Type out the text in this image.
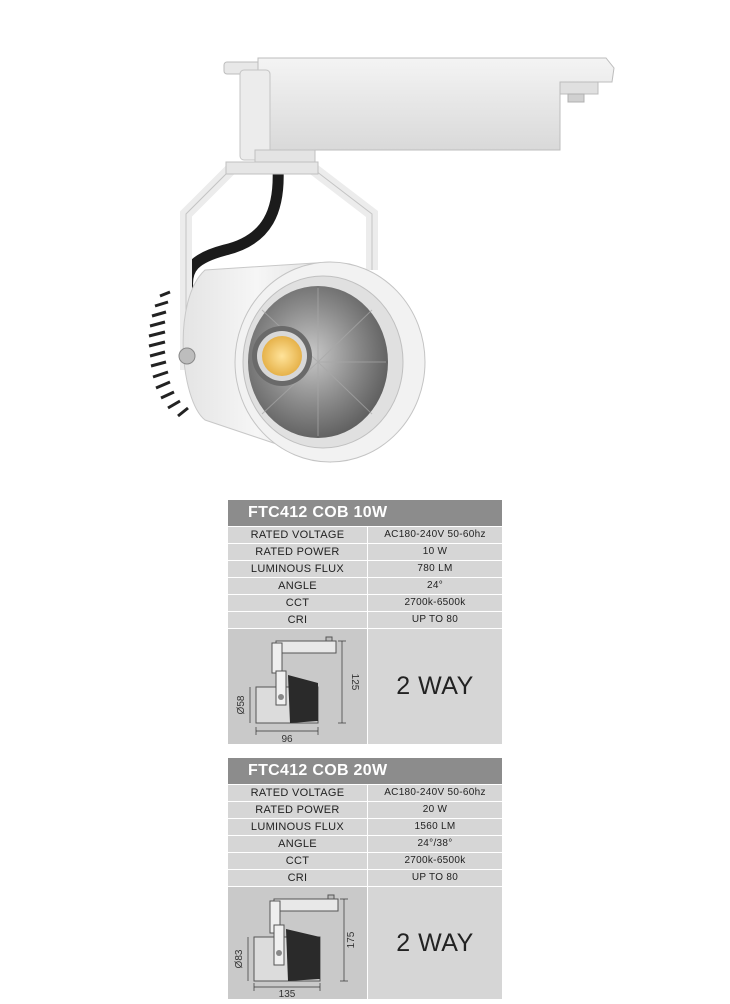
FTC412 COB 10W
RATED VOLTAGE	AC180-240V 50-60hz
RATED POWER	10 W
LUMINOUS FLUX	780 LM
ANGLE	24°
CCT	2700k-6500k
CRI	UP TO 80
125
Ø58
96
2 WAY
FTC412 COB 20W
RATED VOLTAGE	AC180-240V 50-60hz
RATED POWER	20 W
LUMINOUS FLUX	1560 LM
ANGLE	24°/38°
CCT	2700k-6500k
CRI	UP TO 80
175
Ø83
135
2 WAY
